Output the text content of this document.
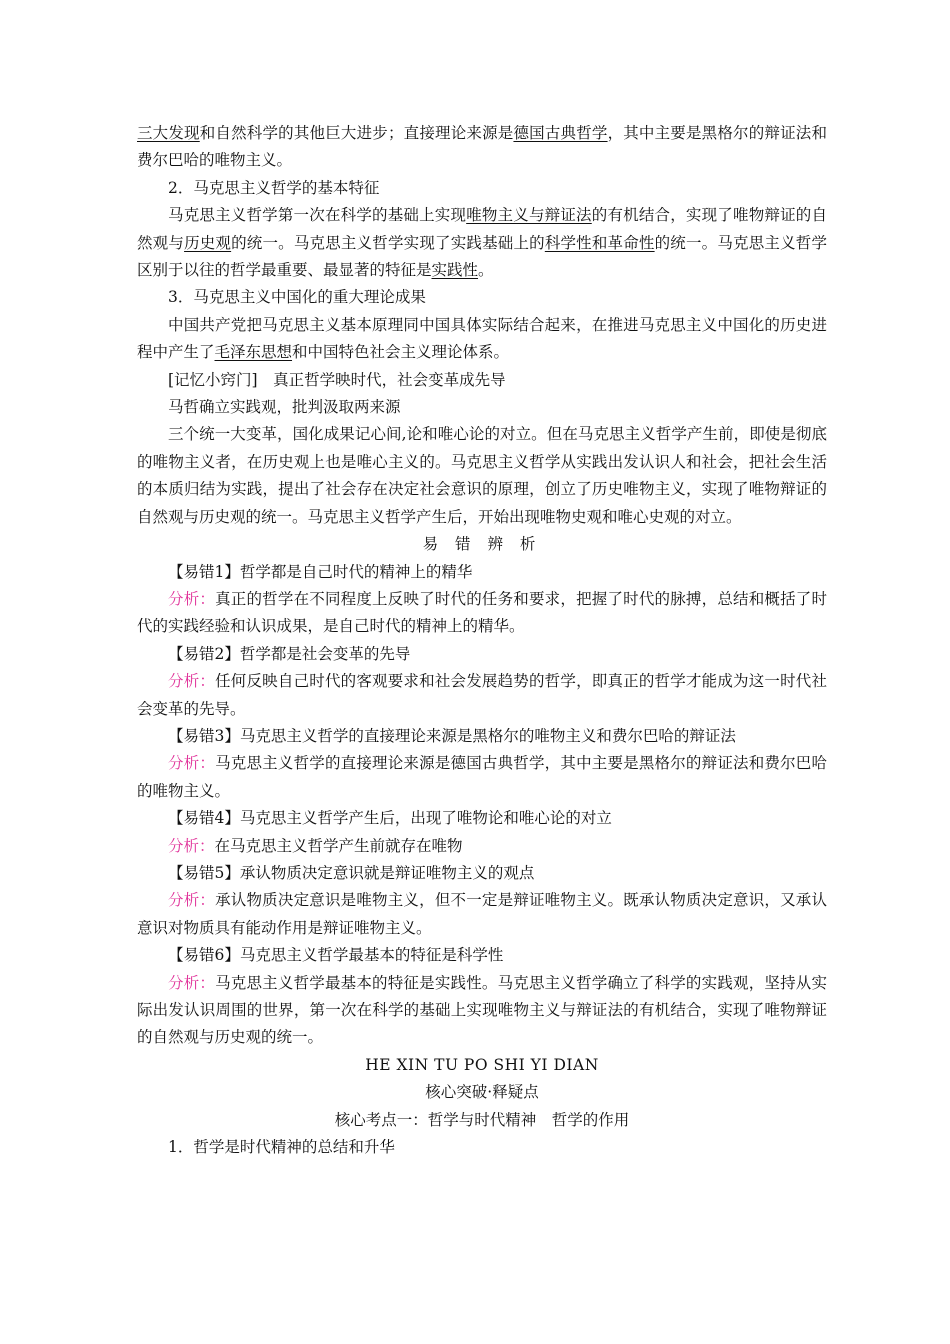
三大发现和自然科学的其他巨大进步；直接理论来源是德国古典哲学，其中主要是黑格尔的辩证法和费尔巴哈的唯物主义。

2．马克思主义哲学的基本特征

马克思主义哲学第一次在科学的基础上实现唯物主义与辩证法的有机结合，实现了唯物辩证的自然观与历史观的统一。马克思主义哲学实现了实践基础上的科学性和革命性的统一。马克思主义哲学区别于以往的哲学最重要、最显著的特征是实践性。

3．马克思主义中国化的重大理论成果

中国共产党把马克思主义基本原理同中国具体实际结合起来，在推进马克思主义中国化的历史进程中产生了毛泽东思想和中国特色社会主义理论体系。

[记忆小窍门]　真正哲学映时代，社会变革成先导

马哲确立实践观，批判汲取两来源

三个统一大变革，国化成果记心间,论和唯心论的对立。但在马克思主义哲学产生前，即使是彻底的唯物主义者，在历史观上也是唯心主义的。马克思主义哲学从实践出发认识人和社会，把社会生活的本质归结为实践，提出了社会存在决定社会意识的原理，创立了历史唯物主义，实现了唯物辩证的自然观与历史观的统一。马克思主义哲学产生后，开始出现唯物史观和唯心史观的对立。

易 错 辨 析

【易错1】哲学都是自己时代的精神上的精华

分析：真正的哲学在不同程度上反映了时代的任务和要求，把握了时代的脉搏，总结和概括了时代的实践经验和认识成果，是自己时代的精神上的精华。

【易错2】哲学都是社会变革的先导

分析：任何反映自己时代的客观要求和社会发展趋势的哲学，即真正的哲学才能成为这一时代社会变革的先导。

【易错3】马克思主义哲学的直接理论来源是黑格尔的唯物主义和费尔巴哈的辩证法

分析：马克思主义哲学的直接理论来源是德国古典哲学，其中主要是黑格尔的辩证法和费尔巴哈的唯物主义。

【易错4】马克思主义哲学产生后，出现了唯物论和唯心论的对立

分析：在马克思主义哲学产生前就存在唯物

【易错5】承认物质决定意识就是辩证唯物主义的观点

分析：承认物质决定意识是唯物主义，但不一定是辩证唯物主义。既承认物质决定意识，又承认意识对物质具有能动作用是辩证唯物主义。

【易错6】马克思主义哲学最基本的特征是科学性

分析：马克思主义哲学最基本的特征是实践性。马克思主义哲学确立了科学的实践观，坚持从实际出发认识周围的世界，第一次在科学的基础上实现唯物主义与辩证法的有机结合，实现了唯物辩证的自然观与历史观的统一。

HE XIN TU PO SHI YI DIAN

核心突破·释疑点

核心考点一：哲学与时代精神　哲学的作用

1．哲学是时代精神的总结和升华
